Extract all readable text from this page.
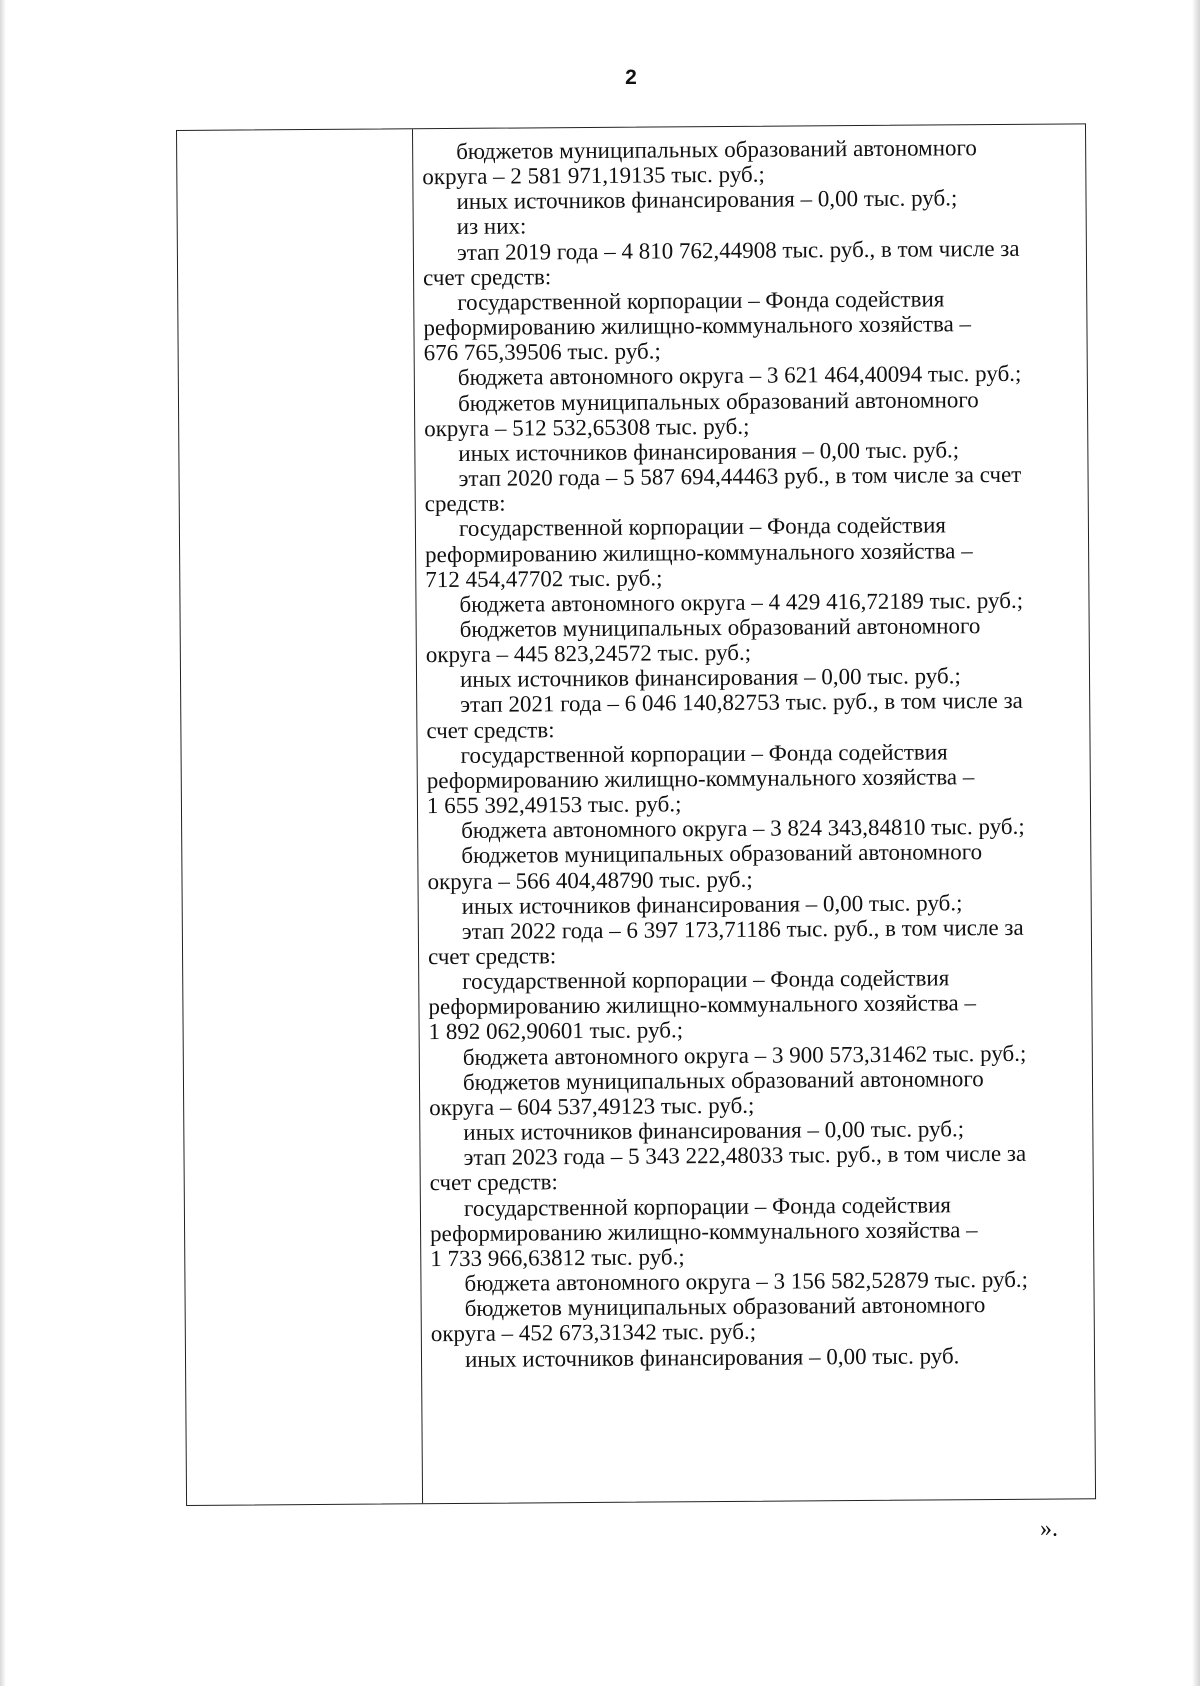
2
бюджетов муниципальных образований автономного
округа – 2 581 971,19135 тыс. руб.;
иных источников финансирования – 0,00 тыс. руб.;
из них:
этап 2019 года – 4 810 762,44908 тыс. руб., в том числе за
счет средств:
государственной корпорации – Фонда содействия
реформированию жилищно-коммунального хозяйства –
676 765,39506 тыс. руб.;
бюджета автономного округа – 3 621 464,40094 тыс. руб.;
бюджетов муниципальных образований автономного
округа – 512 532,65308 тыс. руб.;
иных источников финансирования – 0,00 тыс. руб.;
этап 2020 года – 5 587 694,44463 руб., в том числе за счет
средств:
государственной корпорации – Фонда содействия
реформированию жилищно-коммунального хозяйства –
712 454,47702 тыс. руб.;
бюджета автономного округа – 4 429 416,72189 тыс. руб.;
бюджетов муниципальных образований автономного
округа – 445 823,24572 тыс. руб.;
иных источников финансирования – 0,00 тыс. руб.;
этап 2021 года – 6 046 140,82753 тыс. руб., в том числе за
счет средств:
государственной корпорации – Фонда содействия
реформированию жилищно-коммунального хозяйства –
1 655 392,49153 тыс. руб.;
бюджета автономного округа – 3 824 343,84810 тыс. руб.;
бюджетов муниципальных образований автономного
округа – 566 404,48790 тыс. руб.;
иных источников финансирования – 0,00 тыс. руб.;
этап 2022 года – 6 397 173,71186 тыс. руб., в том числе за
счет средств:
государственной корпорации – Фонда содействия
реформированию жилищно-коммунального хозяйства –
1 892 062,90601 тыс. руб.;
бюджета автономного округа – 3 900 573,31462 тыс. руб.;
бюджетов муниципальных образований автономного
округа – 604 537,49123 тыс. руб.;
иных источников финансирования – 0,00 тыс. руб.;
этап 2023 года – 5 343 222,48033 тыс. руб., в том числе за
счет средств:
государственной корпорации – Фонда содействия
реформированию жилищно-коммунального хозяйства –
1 733 966,63812 тыс. руб.;
бюджета автономного округа – 3 156 582,52879 тыс. руб.;
бюджетов муниципальных образований автономного
округа – 452 673,31342 тыс. руб.;
иных источников финансирования – 0,00 тыс. руб.
».
